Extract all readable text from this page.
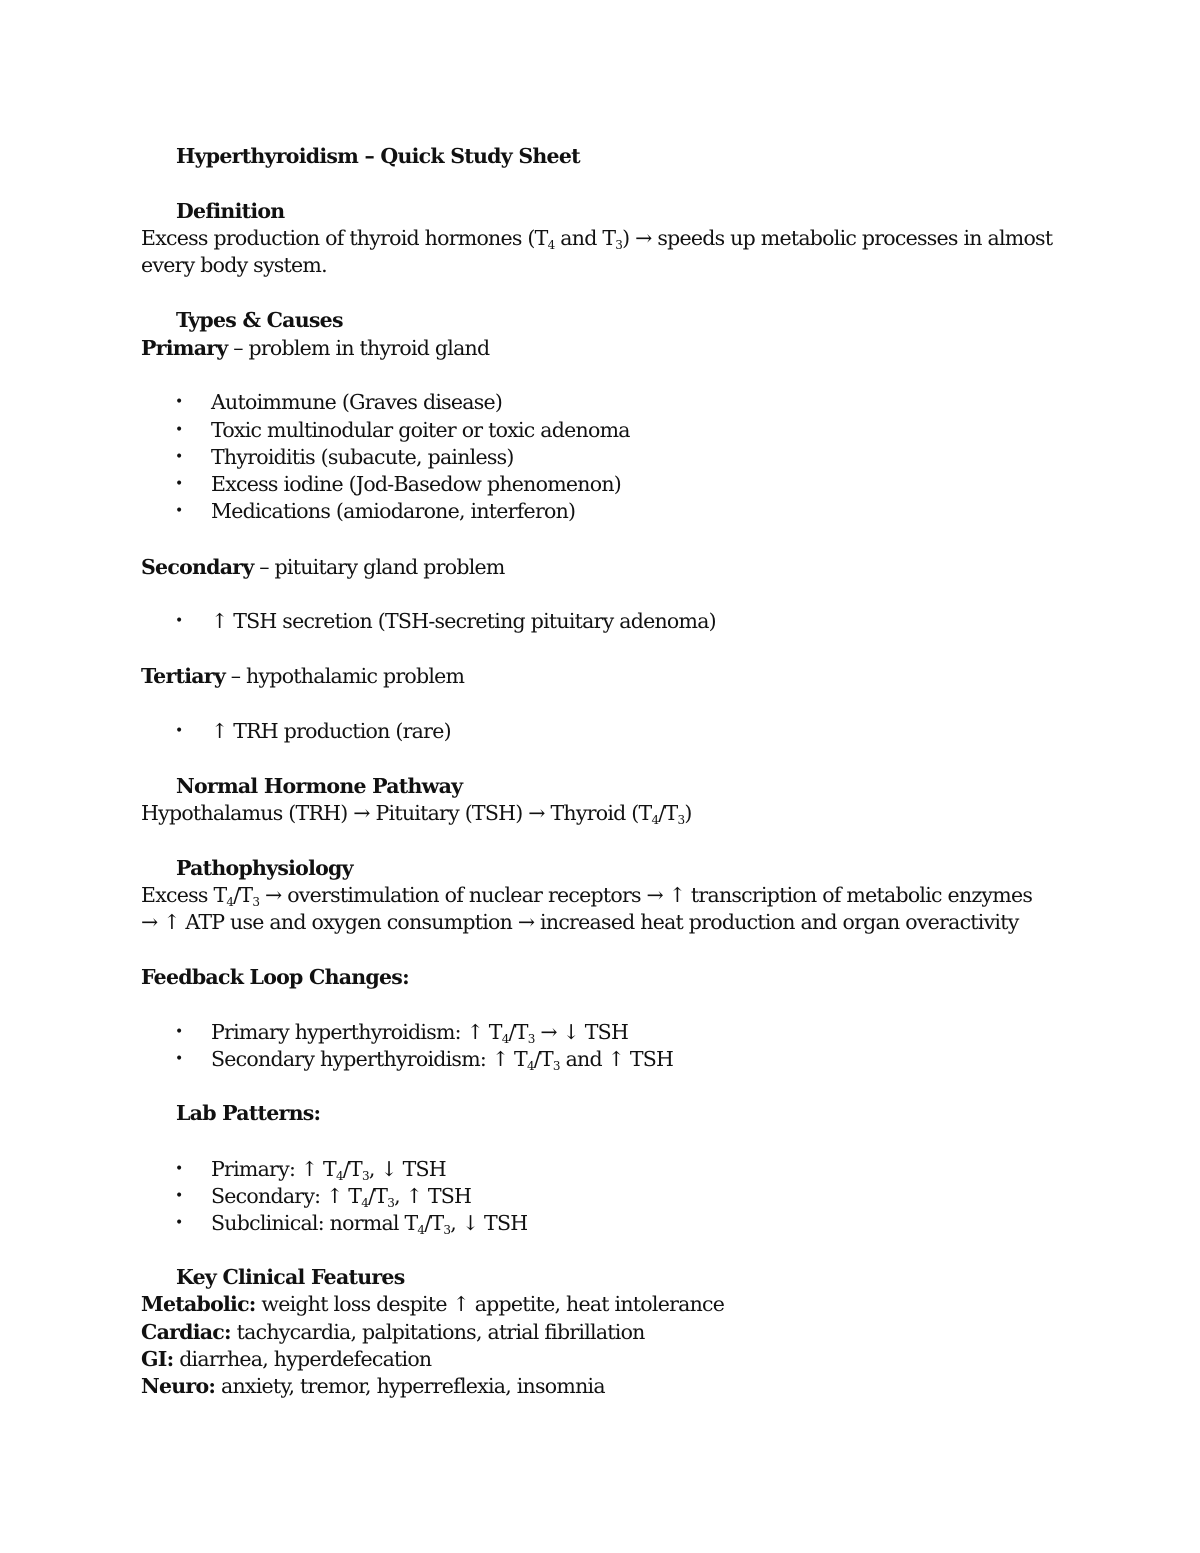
Hyperthyroidism – Quick Study Sheet
Definition
Excess production of thyroid hormones ($T_4$ and $T_3$) → speeds up metabolic processes in almost
every body system.
Types & Causes
Primary – problem in thyroid gland
• Autoimmune (Graves disease)
• Toxic multinodular goiter or toxic adenoma
• Thyroiditis (subacute, painless)
• Excess iodine (Jod-Basedow phenomenon)
• Medications (amiodarone, interferon)
Secondary – pituitary gland problem
• ↑ TSH secretion (TSH-secreting pituitary adenoma)
Tertiary – hypothalamic problem
• ↑ TRH production (rare)
Normal Hormone Pathway
Hypothalamus (TRH) → Pituitary (TSH) → Thyroid $(T_4/T_3)$
Pathophysiology
Excess $T_4/T_3$ → overstimulation of nuclear receptors → ↑ transcription of metabolic enzymes
→ ↑ ATP use and oxygen consumption → increased heat production and organ overactivity
Feedback Loop Changes:
• Primary hyperthyroidism: ↑ $T_4/T_3$ → ↓ TSH
• Secondary hyperthyroidism: ↑ $T_4/T_3$ and ↑ TSH
Lab Patterns:
• Primary: ↑ $T_4/T_3$, ↓ TSH
• Secondary: ↑ $T_4/T_3$, ↑ TSH
• Subclinical: normal $T_4/T_3$, ↓ TSH
Key Clinical Features
Metabolic: weight loss despite ↑ appetite, heat intolerance
Cardiac: tachycardia, palpitations, atrial fibrillation
GI: diarrhea, hyperdefecation
Neuro: anxiety, tremor, hyperreflexia, insomnia
